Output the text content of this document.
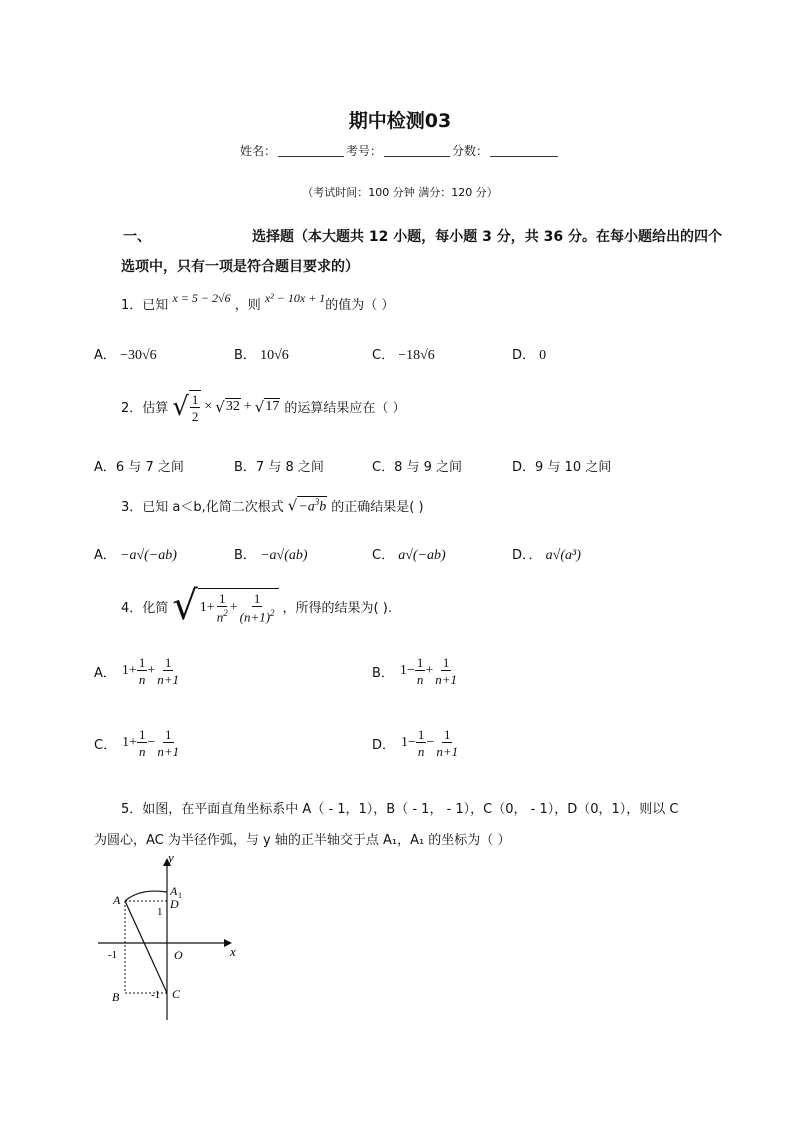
期中检测03
姓名：	考号：	分数：
（考试时间：100 分钟 满分：120 分）
一、	选择题（本大题共 12 小题，每小题 3 分，共 36 分。在每小题给出的四个
选项中，只有一项是符合题目要求的）
1．已知 x = 5 − 2√6 ，则 x² − 10x + 1的值为（ ）
A． −30√6	B． 10√6	C． −18√6	D． 0
2． 估算 √ $\frac{1}{2}$ × √ 32 + √ 17 的运算结果应在（ ）
A．6 与 7 之间	B．7 与 8 之间	C．8 与 9 之间	D．9 与 10 之间
3． 已知 a＜b,化简二次根式 $√-a^3b$ 的正确结果是( )
A． −a√(−ab)	B． −a√(ab)	C． a√(−ab)	D．． a√(a³)
4． 化简 √ $1+ \frac{1}{n^2} + \frac{1}{(n+1)^2}$ ，所得的结果为( ).
A． $1+ \frac{1}{n} + \frac{1}{n+1}$	B． $1- \frac{1}{n} + \frac{1}{n+1}$
C． $1+ \frac{1}{n} - \frac{1}{n+1}$	D． $1- \frac{1}{n} - \frac{1}{n+1}$
5．如图，在平面直角坐标系中 A（ - 1，1），B（ - 1， - 1），C（0， - 1），D（0，1），则以 C
为圆心，AC 为半径作弧，与 y 轴的正半轴交于点 A₁，A₁ 的坐标为（ ）
y
x
O
A
A 1
D
1
-1
B	-1 C
